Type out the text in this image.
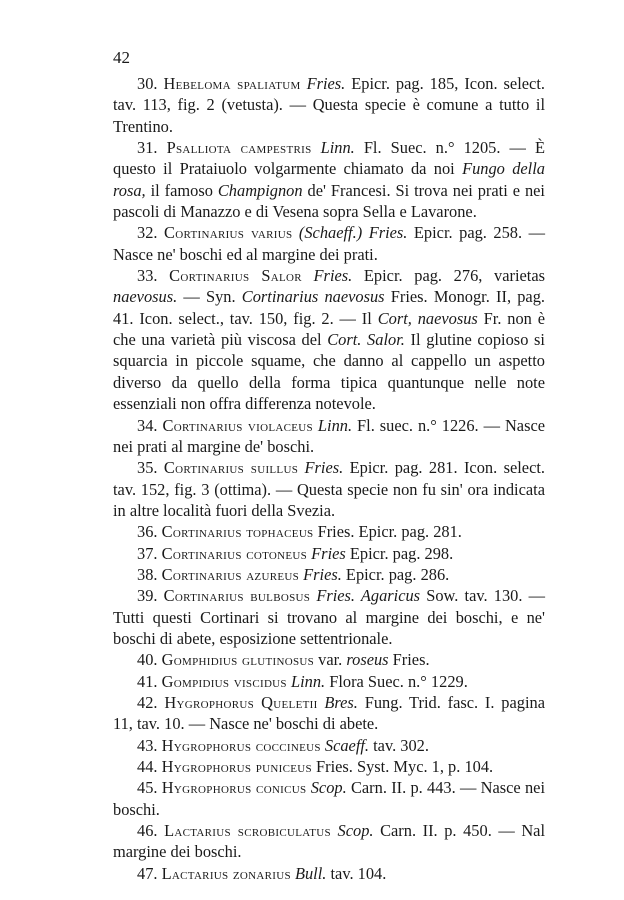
42

30. Hebeloma spaliatum Fries. Epicr. pag. 185, Icon. select. tav. 113, fig. 2 (vetusta). — Questa specie è comune a tutto il Trentino.

31. Psalliota campestris Linn. Fl. Suec. n.° 1205. — È questo il Prataiuolo volgarmente chiamato da noi Fungo della rosa, il famoso Champignon de' Francesi. Si trova nei prati e nei pascoli di Manazzo e di Vesena sopra Sella e Lavarone.

32. Cortinarius varius (Schaeff.) Fries. Epicr. pag. 258. — Nasce ne' boschi ed al margine dei prati.

33. Cortinarius Salor Fries. Epicr. pag. 276, varietas naevosus. — Syn. Cortinarius naevosus Fries. Monogr. II, pag. 41. Icon. select., tav. 150, fig. 2. — Il Cort, naevosus Fr. non è che una varietà più viscosa del Cort. Salor. Il glutine copioso si squarcia in piccole squame, che danno al cappello un aspetto diverso da quello della forma tipica quantunque nelle note essenziali non offra differenza notevole.

34. Cortinarius violaceus Linn. Fl. suec. n.° 1226. — Nasce nei prati al margine de' boschi.

35. Cortinarius suillus Fries. Epicr. pag. 281. Icon. select. tav. 152, fig. 3 (ottima). — Questa specie non fu sin' ora indicata in altre località fuori della Svezia.

36. Cortinarius tophaceus Fries. Epicr. pag. 281.

37. Cortinarius cotoneus Fries Epicr. pag. 298.

38. Cortinarius azureus Fries. Epicr. pag. 286.

39. Cortinarius bulbosus Fries. Agaricus Sow. tav. 130. — Tutti questi Cortinari si trovano al margine dei boschi, e ne' boschi di abete, esposizione settentrionale.

40. Gomphidius glutinosus var. roseus Fries.

41. Gompidius viscidus Linn. Flora Suec. n.° 1229.

42. Hygrophorus Queletii Bres. Fung. Trid. fasc. I. pagina 11, tav. 10. — Nasce ne' boschi di abete.

43. Hygrophorus coccineus Scaeff. tav. 302.

44. Hygrophorus puniceus Fries. Syst. Myc. 1, p. 104.

45. Hygrophorus conicus Scop. Carn. II. p. 443. — Nasce nei boschi.

46. Lactarius scrobiculatus Scop. Carn. II. p. 450. — Nal margine dei boschi.

47. Lactarius zonarius Bull. tav. 104.
